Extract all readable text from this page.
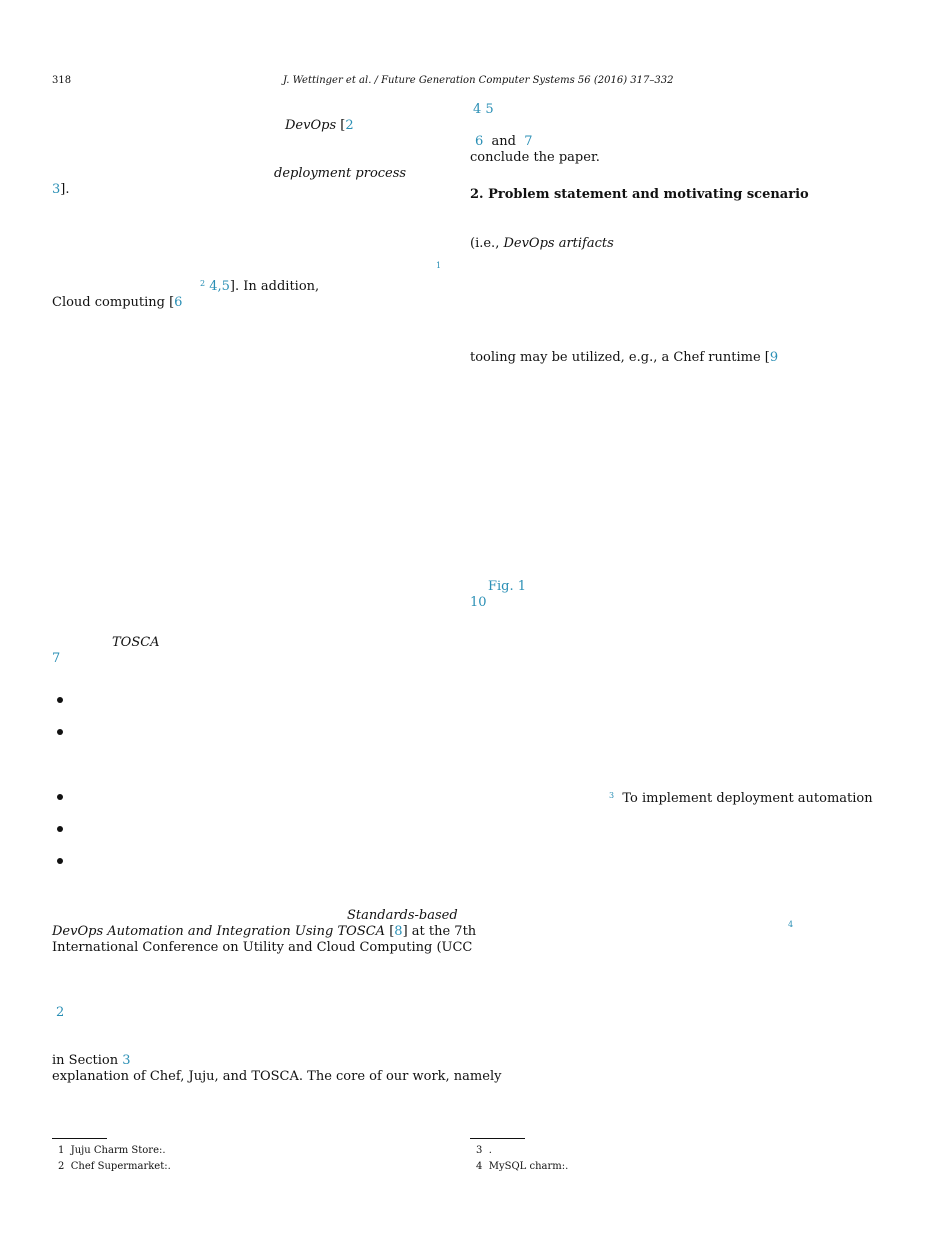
318	J. Wettinger et al. / Future Generation Computer Systems 56 (2016) 317–332
DevOps [2
deployment process
3].
1
$^2$ 4,5]. In addition,
Cloud computing [6
TOSCA
7
Standards-based
DevOps Automation and Integration Using TOSCA [8] at the 7th
International Conference on Utility and Cloud Computing (UCC
2
in Section 3
explanation of Chef, Juju, and TOSCA. The core of our work, namely
4 5
6 and 7
conclude the paper.
2. Problem statement and motivating scenario
(i.e., DevOps artifacts
tooling may be utilized, e.g., a Chef runtime [9
Fig. 1
10
$^3$ To implement deployment automation
4
1 Juju Charm Store:.
2 Chef Supermarket:.
3 .
4 MySQL charm:.
